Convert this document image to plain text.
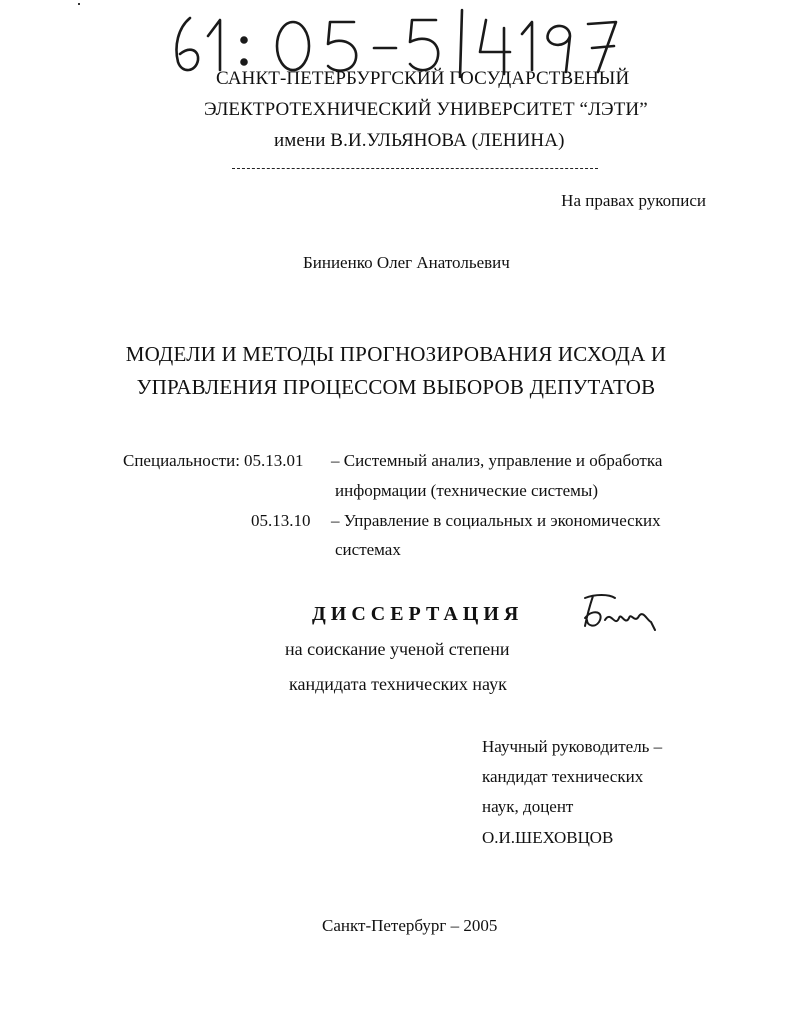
САНКТ-ПЕТЕРБУРГСКИЙ ГОСУДАРСТВЕНЫЙ
ЭЛЕКТРОТЕХНИЧЕСКИЙ УНИВЕРСИТЕТ “ЛЭТИ”
имени В.И.УЛЬЯНОВА (ЛЕНИНА)
На правах рукописи
Биниенко Олег Анатольевич
МОДЕЛИ И МЕТОДЫ ПРОГНОЗИРОВАНИЯ ИСХОДА И
УПРАВЛЕНИЯ ПРОЦЕССОМ ВЫБОРОВ ДЕПУТАТОВ
Специальности: 05.13.01 – Системный анализ, управление и обработка
информации (технические системы)
05.13.10 – Управление в социальных и экономических
системах
ДИССЕРТАЦИЯ
на соискание ученой степени
кандидата технических наук
Научный руководитель –
кандидат технических
наук, доцент
О.И.ШЕХОВЦОВ
Санкт-Петербург – 2005
